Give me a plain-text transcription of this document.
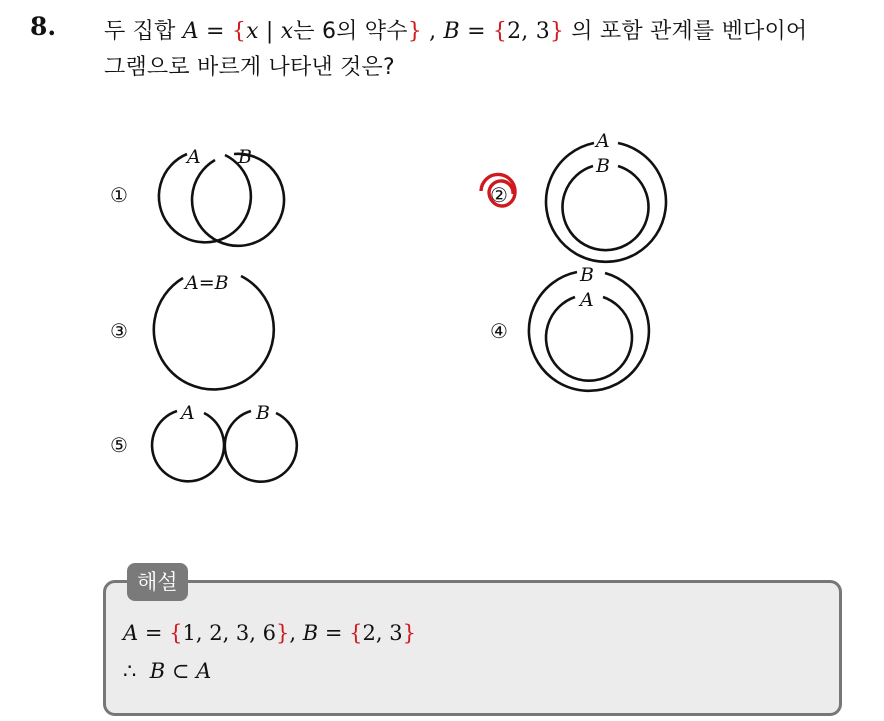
8. 두 집합 A = {x | x는 6의 약수} , B = {2, 3} 의 포함 관계를 벤다이어
그램으로 바르게 나타낸 것은?
①
A B
②
A
B
③
A=B
④
B
A
⑤
A	B
해설
A = {1, 2, 3, 6}, B = {2, 3}
∴ B ⊂ A
